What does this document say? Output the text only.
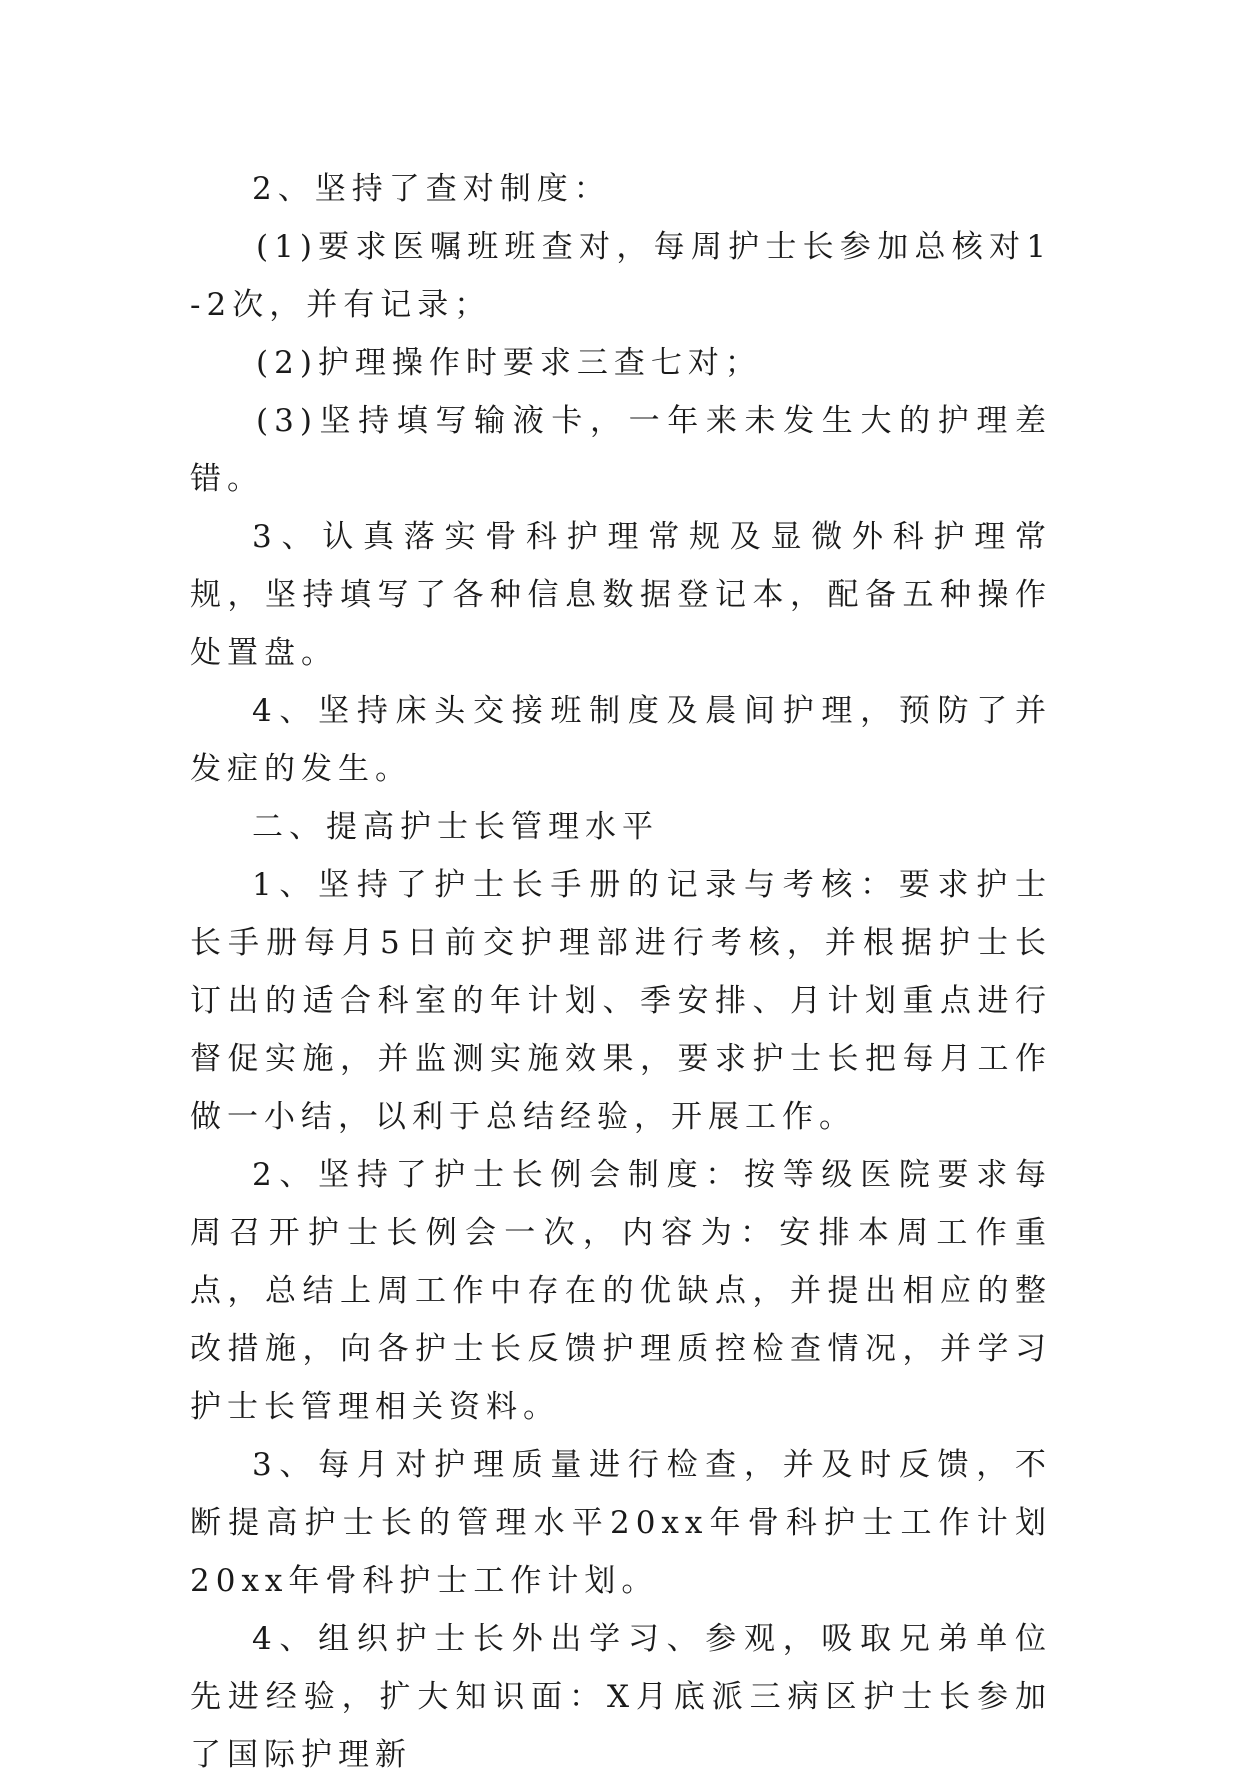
2、坚持了查对制度：

(1)要求医嘱班班查对，每周护士长参加总核对1-2次，并有记录；

(2)护理操作时要求三查七对；

(3)坚持填写输液卡，一年来未发生大的护理差错。

3、认真落实骨科护理常规及显微外科护理常规，坚持填写了各种信息数据登记本，配备五种操作处置盘。

4、坚持床头交接班制度及晨间护理，预防了并发症的发生。

二、提高护士长管理水平

1、坚持了护士长手册的记录与考核：要求护士长手册每月5日前交护理部进行考核，并根据护士长订出的适合科室的年计划、季安排、月计划重点进行督促实施，并监测实施效果，要求护士长把每月工作做一小结，以利于总结经验，开展工作。

2、坚持了护士长例会制度：按等级医院要求每周召开护士长例会一次，内容为：安排本周工作重点，总结上周工作中存在的优缺点，并提出相应的整改措施，向各护士长反馈护理质控检查情况，并学习护士长管理相关资料。

3、每月对护理质量进行检查，并及时反馈，不断提高护士长的管理水平20xx年骨科护士工作计划20xx年骨科护士工作计划。

4、组织护士长外出学习、参观，吸取兄弟单位先进经验，扩大知识面：X月底派三病区护士长参加了国际护理新
